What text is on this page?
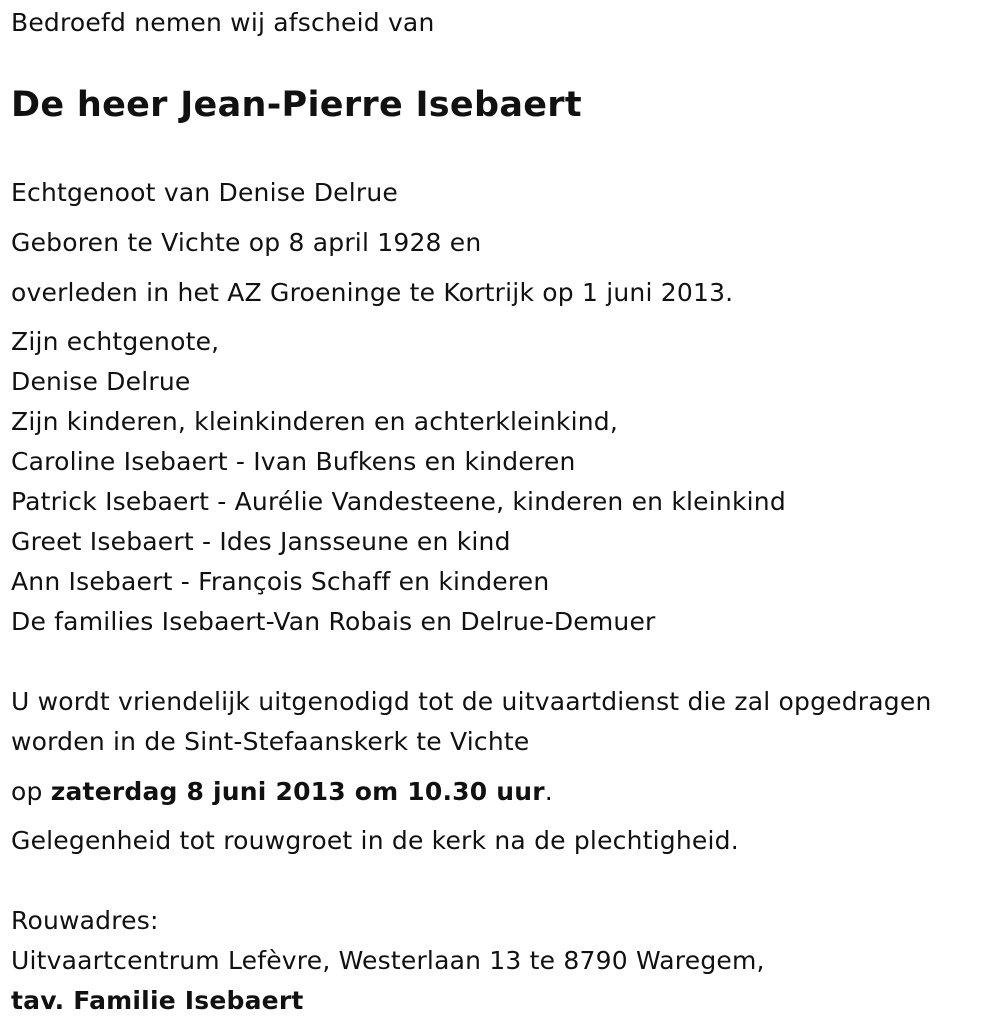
Bedroefd nemen wij afscheid van
De heer Jean-Pierre Isebaert
Echtgenoot van Denise Delrue
Geboren te Vichte op 8 april 1928 en
overleden in het AZ Groeninge te Kortrijk op 1 juni 2013.
Zijn echtgenote,
Denise Delrue
Zijn kinderen, kleinkinderen en achterkleinkind,
Caroline Isebaert - Ivan Bufkens en kinderen
Patrick Isebaert - Aurélie Vandesteene, kinderen en kleinkind
Greet Isebaert - Ides Jansseune en kind
Ann Isebaert - François Schaff en kinderen
De families Isebaert-Van Robais en Delrue-Demuer
U wordt vriendelijk uitgenodigd tot de uitvaartdienst die zal opgedragen
worden in de Sint-Stefaanskerk te Vichte
op zaterdag 8 juni 2013 om 10.30 uur.
Gelegenheid tot rouwgroet in de kerk na de plechtigheid.
Rouwadres:
Uitvaartcentrum Lefèvre, Westerlaan 13 te 8790 Waregem,
tav. Familie Isebaert
